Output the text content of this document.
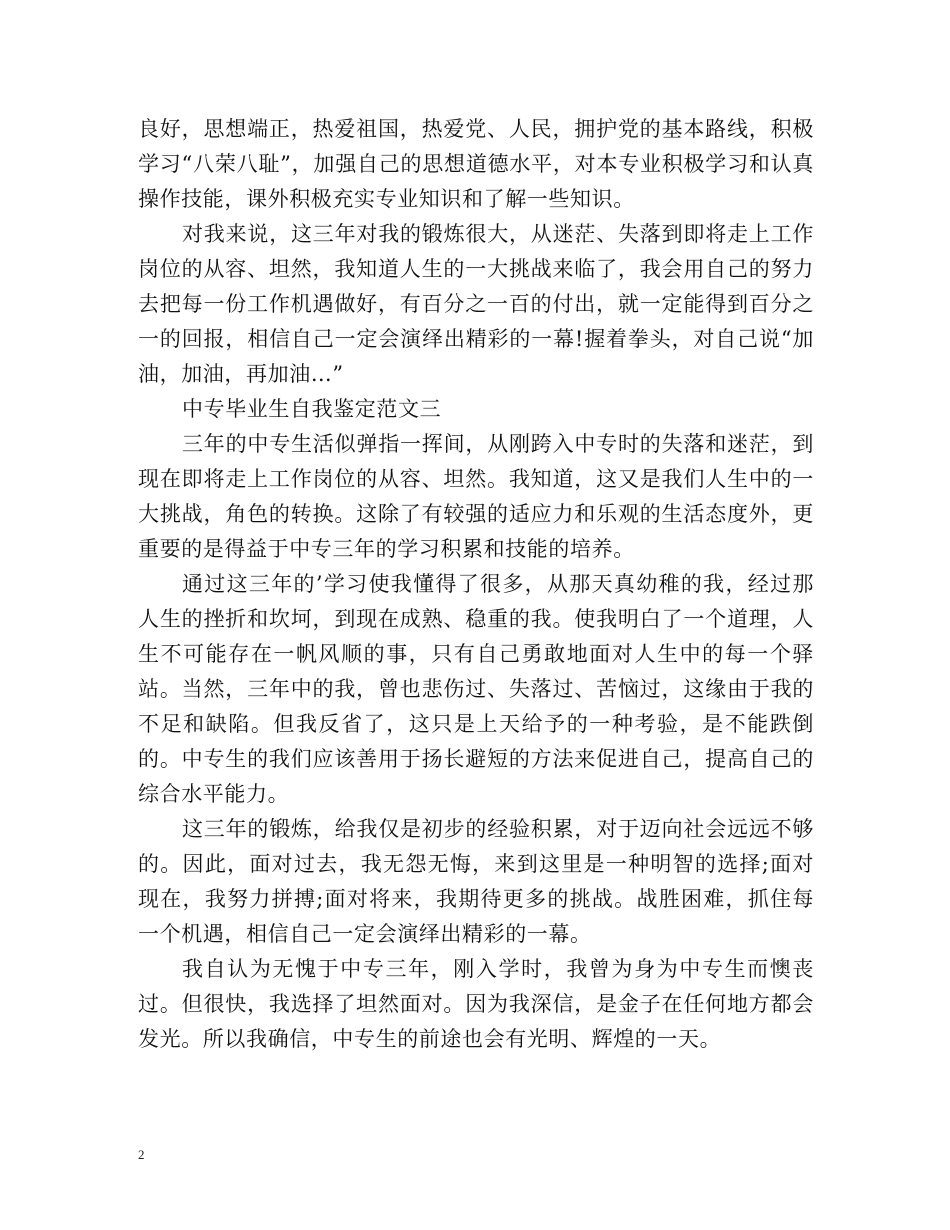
良好，思想端正，热爱祖国，热爱党、人民，拥护党的基本路线，积极学习“八荣八耻”，加强自己的思想道德水平，对本专业积极学习和认真操作技能，课外积极充实专业知识和了解一些知识。

对我来说，这三年对我的锻炼很大，从迷茫、失落到即将走上工作岗位的从容、坦然，我知道人生的一大挑战来临了，我会用自己的努力去把每一份工作机遇做好，有百分之一百的付出，就一定能得到百分之一的回报，相信自己一定会演绎出精彩的一幕!握着拳头，对自己说“加油，加油，再加油…”

中专毕业生自我鉴定范文三

三年的中专生活似弹指一挥间，从刚跨入中专时的失落和迷茫，到现在即将走上工作岗位的从容、坦然。我知道，这又是我们人生中的一大挑战，角色的转换。这除了有较强的适应力和乐观的生活态度外，更重要的是得益于中专三年的学习积累和技能的培养。

通过这三年的’学习使我懂得了很多，从那天真幼稚的我，经过那人生的挫折和坎坷，到现在成熟、稳重的我。使我明白了一个道理，人生不可能存在一帆风顺的事，只有自己勇敢地面对人生中的每一个驿站。当然，三年中的我，曾也悲伤过、失落过、苦恼过，这缘由于我的不足和缺陷。但我反省了，这只是上天给予的一种考验，是不能跌倒的。中专生的我们应该善用于扬长避短的方法来促进自己，提高自己的综合水平能力。

这三年的锻炼，给我仅是初步的经验积累，对于迈向社会远远不够的。因此，面对过去，我无怨无悔，来到这里是一种明智的选择;面对现在，我努力拼搏;面对将来，我期待更多的挑战。战胜困难，抓住每一个机遇，相信自己一定会演绎出精彩的一幕。

我自认为无愧于中专三年，刚入学时，我曾为身为中专生而懊丧过。但很快，我选择了坦然面对。因为我深信，是金子在任何地方都会发光。所以我确信，中专生的前途也会有光明、辉煌的一天。

2
